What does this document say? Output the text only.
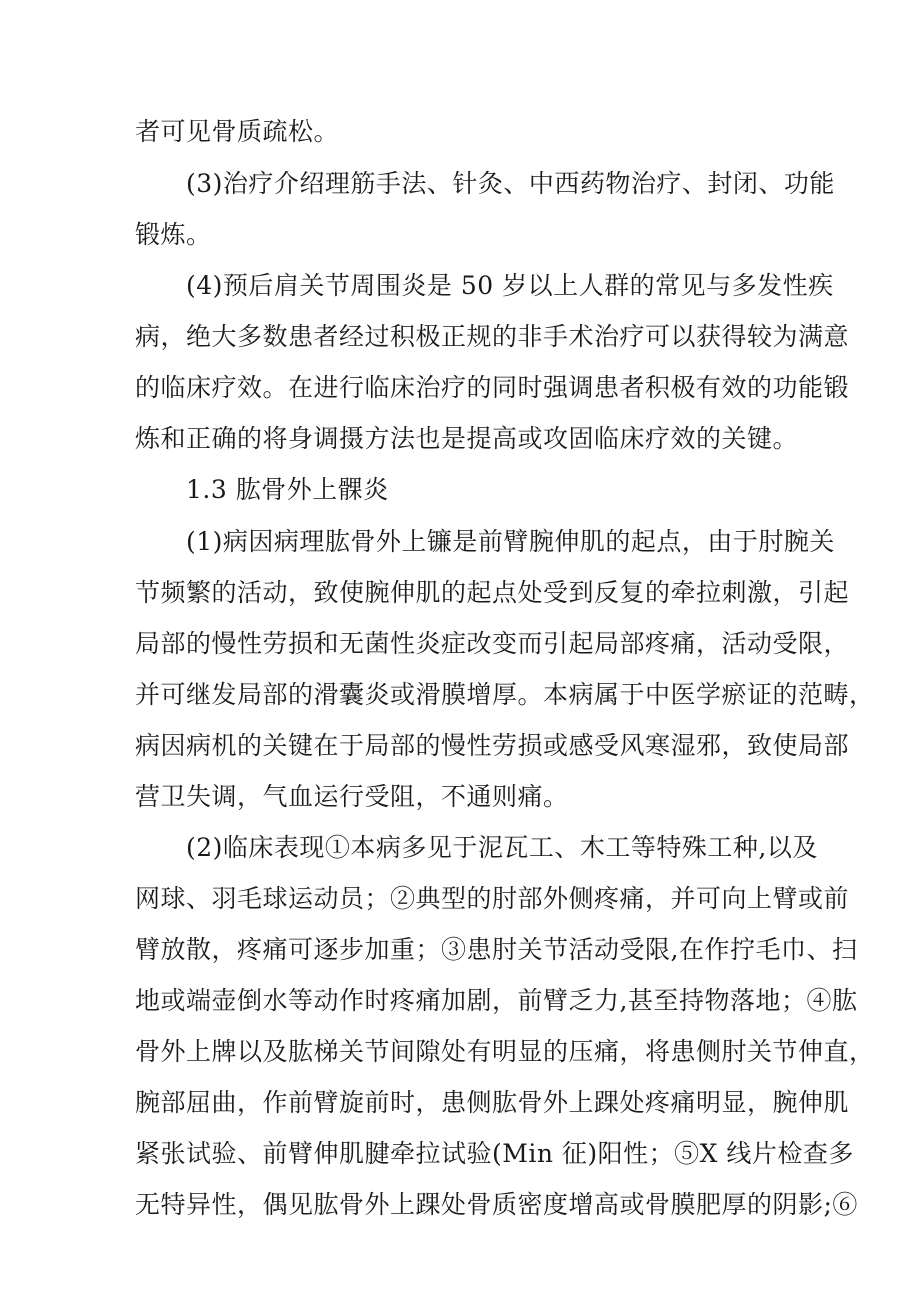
者可见骨质疏松。
(3)治疗介绍理筋手法、针灸、中西药物治疗、封闭、功能
锻炼。
(4)预后肩关节周围炎是 50 岁以上人群的常见与多发性疾
病，绝大多数患者经过积极正规的非手术治疗可以获得较为满意
的临床疗效。在进行临床治疗的同时强调患者积极有效的功能锻
炼和正确的将身调摄方法也是提高或攻固临床疗效的关键。
1.3 肱骨外上髁炎
(1)病因病理肱骨外上镰是前臂腕伸肌的起点，由于肘腕关
节频繁的活动，致使腕伸肌的起点处受到反复的牵拉刺激，引起
局部的慢性劳损和无菌性炎症改变而引起局部疼痛，活动受限，
并可继发局部的滑囊炎或滑膜增厚。本病属于中医学瘀证的范畴，
病因病机的关键在于局部的慢性劳损或感受风寒湿邪，致使局部
营卫失调，气血运行受阻，不通则痛。
(2)临床表现①本病多见于泥瓦工、木工等特殊工种,以及
网球、羽毛球运动员；②典型的肘部外侧疼痛，并可向上臂或前
臂放散，疼痛可逐步加重；③患肘关节活动受限,在作拧毛巾、扫
地或端壶倒水等动作时疼痛加剧，前臂乏力,甚至持物落地；④肱
骨外上牌以及肱梯关节间隙处有明显的压痛，将患侧肘关节伸直，
腕部屈曲，作前臂旋前时，患侧肱骨外上踝处疼痛明显，腕伸肌
紧张试验、前臂伸肌腱牵拉试验(Min 征)阳性；⑤X 线片检查多
无特异性，偶见肱骨外上踝处骨质密度增高或骨膜肥厚的阴影;⑥
